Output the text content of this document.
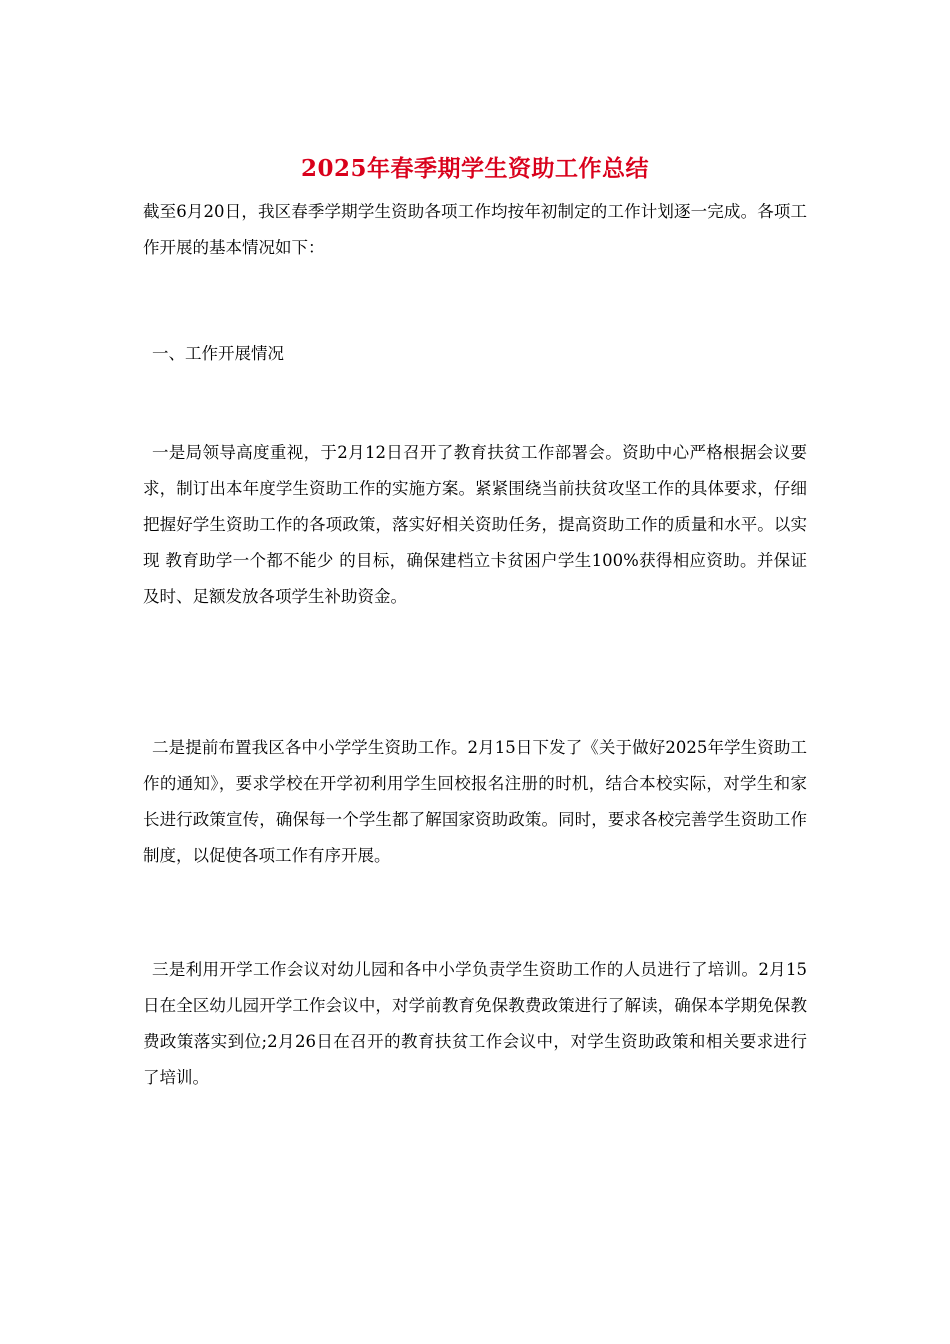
2025年春季期学生资助工作总结

截至6月20日，我区春季学期学生资助各项工作均按年初制定的工作计划逐一完成。各项工作开展的基本情况如下：

一、工作开展情况

一是局领导高度重视，于2月12日召开了教育扶贫工作部署会。资助中心严格根据会议要求，制订出本年度学生资助工作的实施方案。紧紧围绕当前扶贫攻坚工作的具体要求，仔细把握好学生资助工作的各项政策，落实好相关资助任务，提高资助工作的质量和水平。以实现 教育助学一个都不能少 的目标，确保建档立卡贫困户学生100%获得相应资助。并保证及时、足额发放各项学生补助资金。

二是提前布置我区各中小学学生资助工作。2月15日下发了《关于做好2025年学生资助工作的通知》，要求学校在开学初利用学生回校报名注册的时机，结合本校实际，对学生和家长进行政策宣传，确保每一个学生都了解国家资助政策。同时，要求各校完善学生资助工作制度，以促使各项工作有序开展。

三是利用开学工作会议对幼儿园和各中小学负责学生资助工作的人员进行了培训。2月15日在全区幼儿园开学工作会议中，对学前教育免保教费政策进行了解读，确保本学期免保教费政策落实到位;2月26日在召开的教育扶贫工作会议中，对学生资助政策和相关要求进行了培训。
